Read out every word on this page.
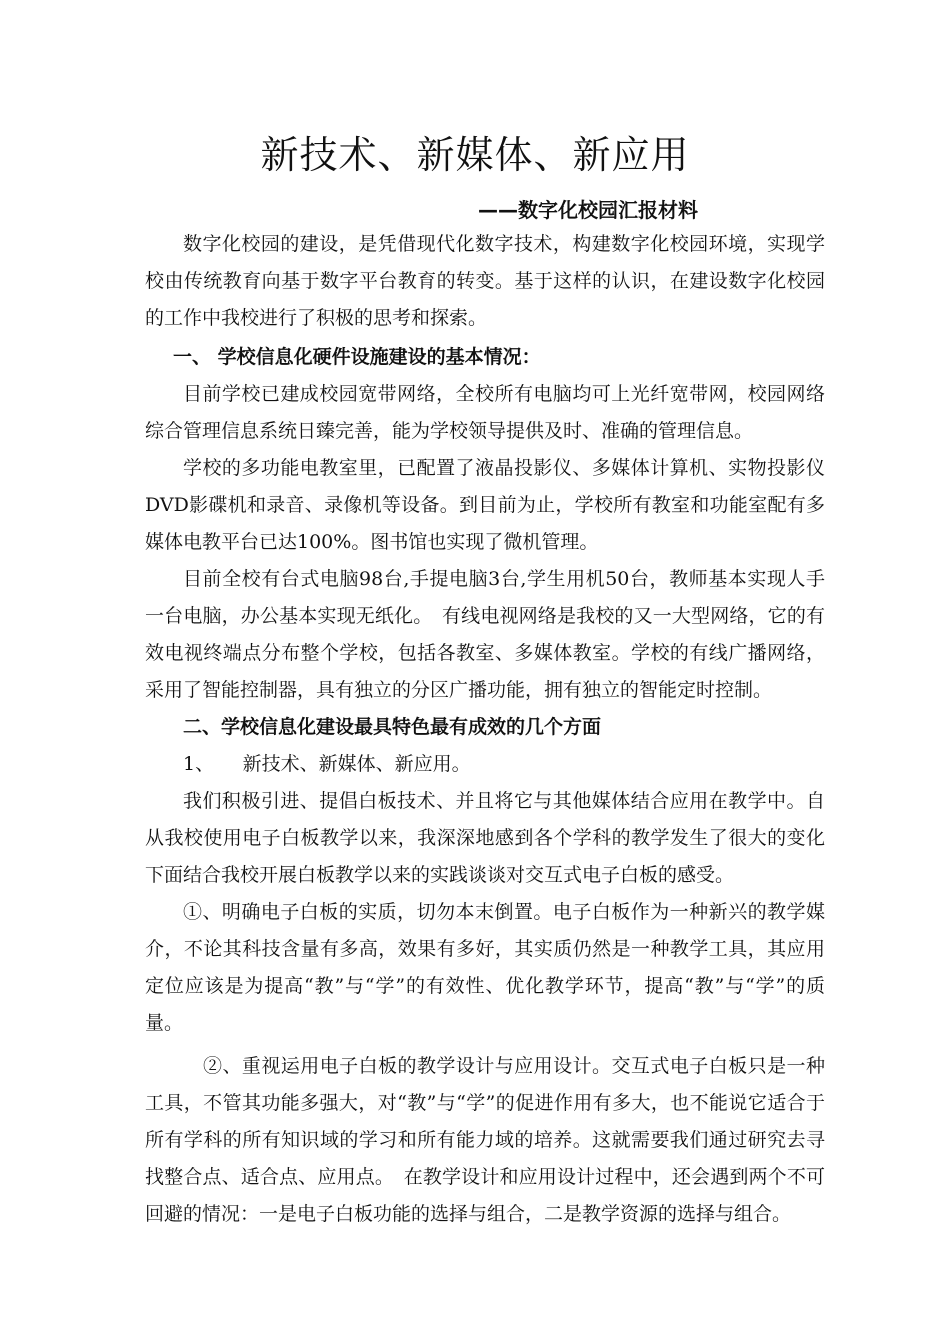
新技术、新媒体、新应用
——数字化校园汇报材料

数字化校园的建设，是凭借现代化数字技术，构建数字化校园环境，实现学校由传统教育向基于数字平台教育的转变。基于这样的认识，在建设数字化校园的工作中我校进行了积极的思考和探索。

一、 学校信息化硬件设施建设的基本情况：

目前学校已建成校园宽带网络，全校所有电脑均可上光纤宽带网，校园网络综合管理信息系统日臻完善，能为学校领导提供及时、准确的管理信息。

学校的多功能电教室里，已配置了液晶投影仪、多媒体计算机、实物投影仪DVD影碟机和录音、录像机等设备。到目前为止，学校所有教室和功能室配有多媒体电教平台已达100%。图书馆也实现了微机管理。

目前全校有台式电脑98台,手提电脑3台,学生用机50台，教师基本实现人手一台电脑，办公基本实现无纸化。　有线电视网络是我校的又一大型网络，它的有效电视终端点分布整个学校，包括各教室、多媒体教室。学校的有线广播网络，采用了智能控制器，具有独立的分区广播功能，拥有独立的智能定时控制。

二、学校信息化建设最具特色最有成效的几个方面

1、　　新技术、新媒体、新应用。

我们积极引进、提倡白板技术、并且将它与其他媒体结合应用在教学中。自从我校使用电子白板教学以来，我深深地感到各个学科的教学发生了很大的变化下面结合我校开展白板教学以来的实践谈谈对交互式电子白板的感受。

①、明确电子白板的实质，切勿本末倒置。电子白板作为一种新兴的教学媒介，不论其科技含量有多高，效果有多好，其实质仍然是一种教学工具，其应用定位应该是为提高“教”与“学”的有效性、优化教学环节，提高“教”与“学”的质量。

②、重视运用电子白板的教学设计与应用设计。交互式电子白板只是一种工具，不管其功能多强大，对“教”与“学”的促进作用有多大，也不能说它适合于所有学科的所有知识域的学习和所有能力域的培养。这就需要我们通过研究去寻找整合点、适合点、应用点。　在教学设计和应用设计过程中，还会遇到两个不可回避的情况：一是电子白板功能的选择与组合，二是教学资源的选择与组合。
